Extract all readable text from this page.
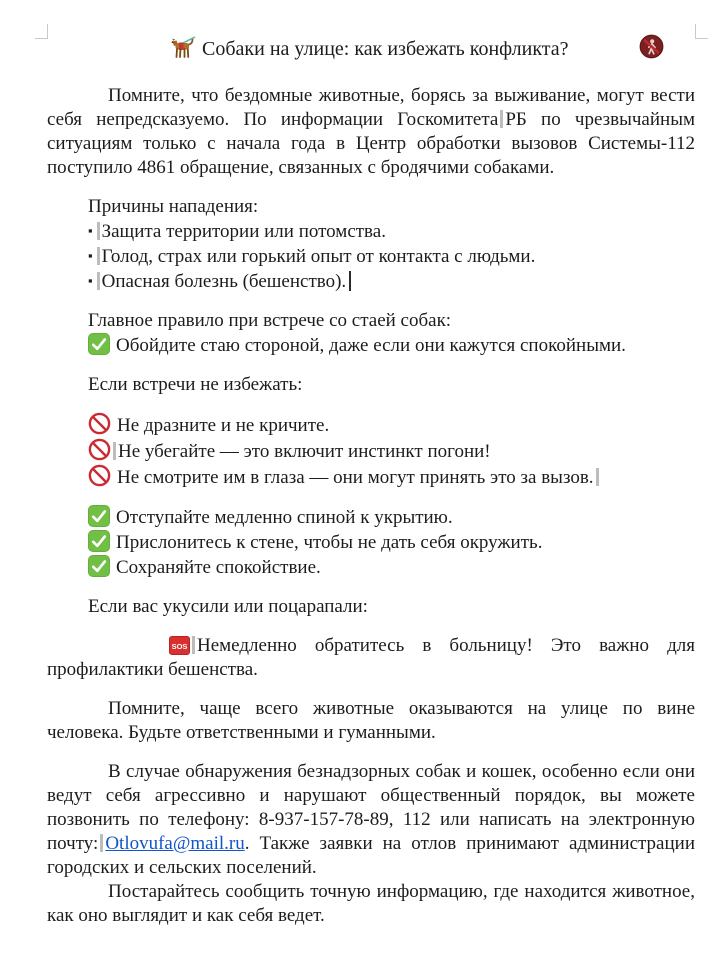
Собаки на улице: как избежать конфликта?

Помните, что бездомные животные, борясь за выживание, могут вести себя непредсказуемо. По информации Госкомитета РБ по чрезвычайным ситуациям только с начала года в Центр обработки вызовов Системы-112 поступило 4861 обращение, связанных с бродячими собаками.

Причины нападения:

▪ Защита территории или потомства.

▪ Голод, страх или горький опыт от контакта с людьми.

▪ Опасная болезнь (бешенство).

Главное правило при встрече со стаей собак:

Обойдите стаю стороной, даже если они кажутся спокойными.

Если встречи не избежать:

Не дразните и не кричите.

Не убегайте — это включит инстинкт погони!

Не смотрите им в глаза — они могут принять это за вызов.

Отступайте медленно спиной к укрытию.

Прислонитесь к стене, чтобы не дать себя окружить.

Сохраняйте спокойствие.

Если вас укусили или поцарапали:

SOS Немедленно обратитесь в больницу! Это важно для профилактики бешенства.

Помните, чаще всего животные оказываются на улице по вине человека. Будьте ответственными и гуманными.

В случае обнаружения безнадзорных собак и кошек, особенно если они ведут себя агрессивно и нарушают общественный порядок, вы можете позвонить по телефону: 8-937-157-78-89, 112 или написать на электронную почту: Otlovufa@mail.ru. Также заявки на отлов принимают администрации городских и сельских поселений.

Постарайтесь сообщить точную информацию, где находится животное, как оно выглядит и как себя ведет.
